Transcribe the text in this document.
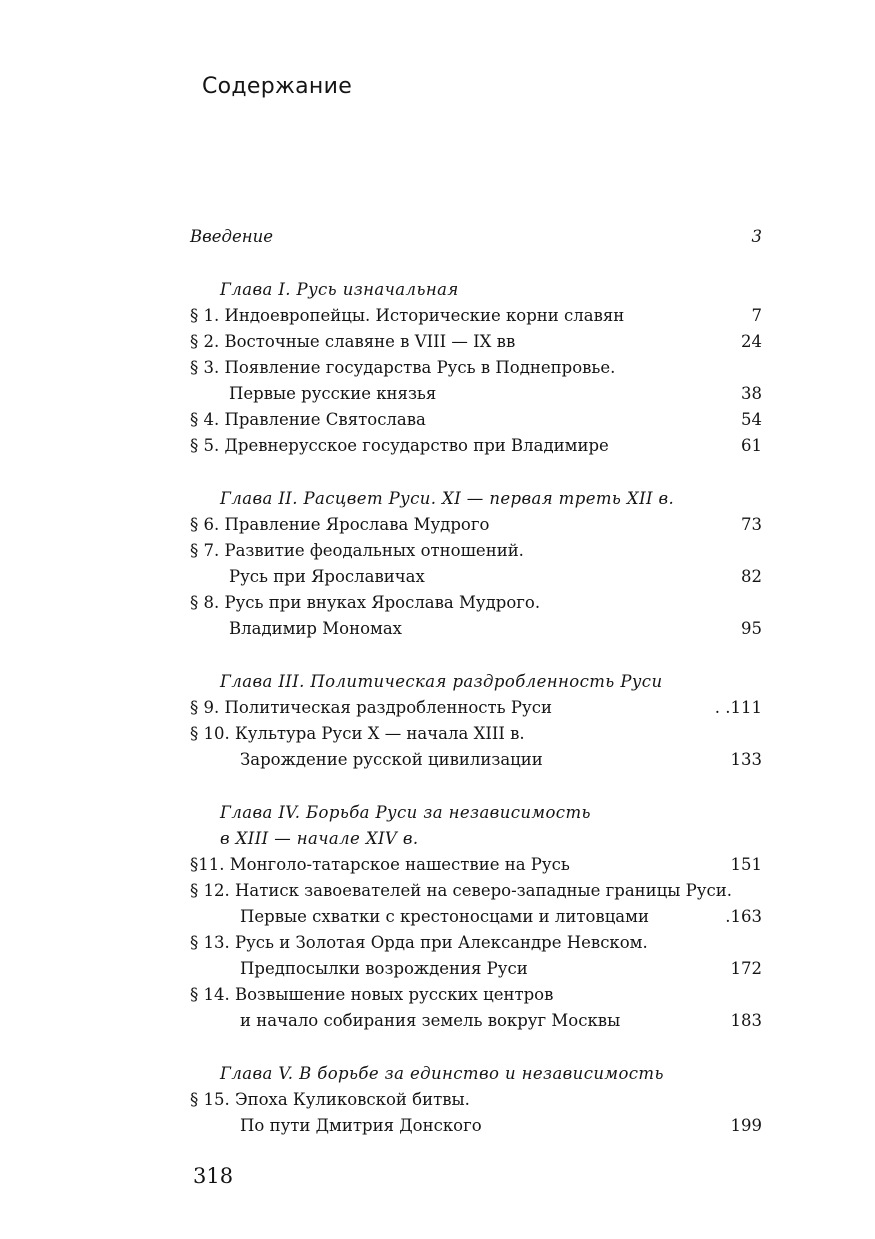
Содержание
Введение	3
Глава I. Русь изначальная
§ 1. Индоевропейцы. Исторические корни славян	7
§ 2. Восточные славяне в VIII — IX вв	24
§ 3. Появление государства Русь в Поднепровье.
Первые русские князья	38
§ 4. Правление Святослава	54
§ 5. Древнерусское государство при Владимире	61
Глава II. Расцвет Руси. XI — первая треть XII в.
§ 6. Правление Ярослава Мудрого	73
§ 7. Развитие феодальных отношений.
Русь при Ярославичах	82
§ 8. Русь при внуках Ярослава Мудрого.
Владимир Мономах	95
Глава III. Политическая раздробленность Руси
§ 9. Политическая раздробленность Руси	. .111
§ 10. Культура Руси X — начала XIII в.
Зарождение русской цивилизации	133
Глава IV. Борьба Руси за независимость
в XIII — начале XIV в.
§11. Монголо-татарское нашествие на Русь	151
§ 12. Натиск завоевателей на северо-западные границы Руси.
Первые схватки с крестоносцами и литовцами	.163
§ 13. Русь и Золотая Орда при Александре Невском.
Предпосылки возрождения Руси	172
§ 14. Возвышение новых русских центров
и начало собирания земель вокруг Москвы	183
Глава V. В борьбе за единство и независимость
§ 15. Эпоха Куликовской битвы.
По пути Дмитрия Донского	199
318
